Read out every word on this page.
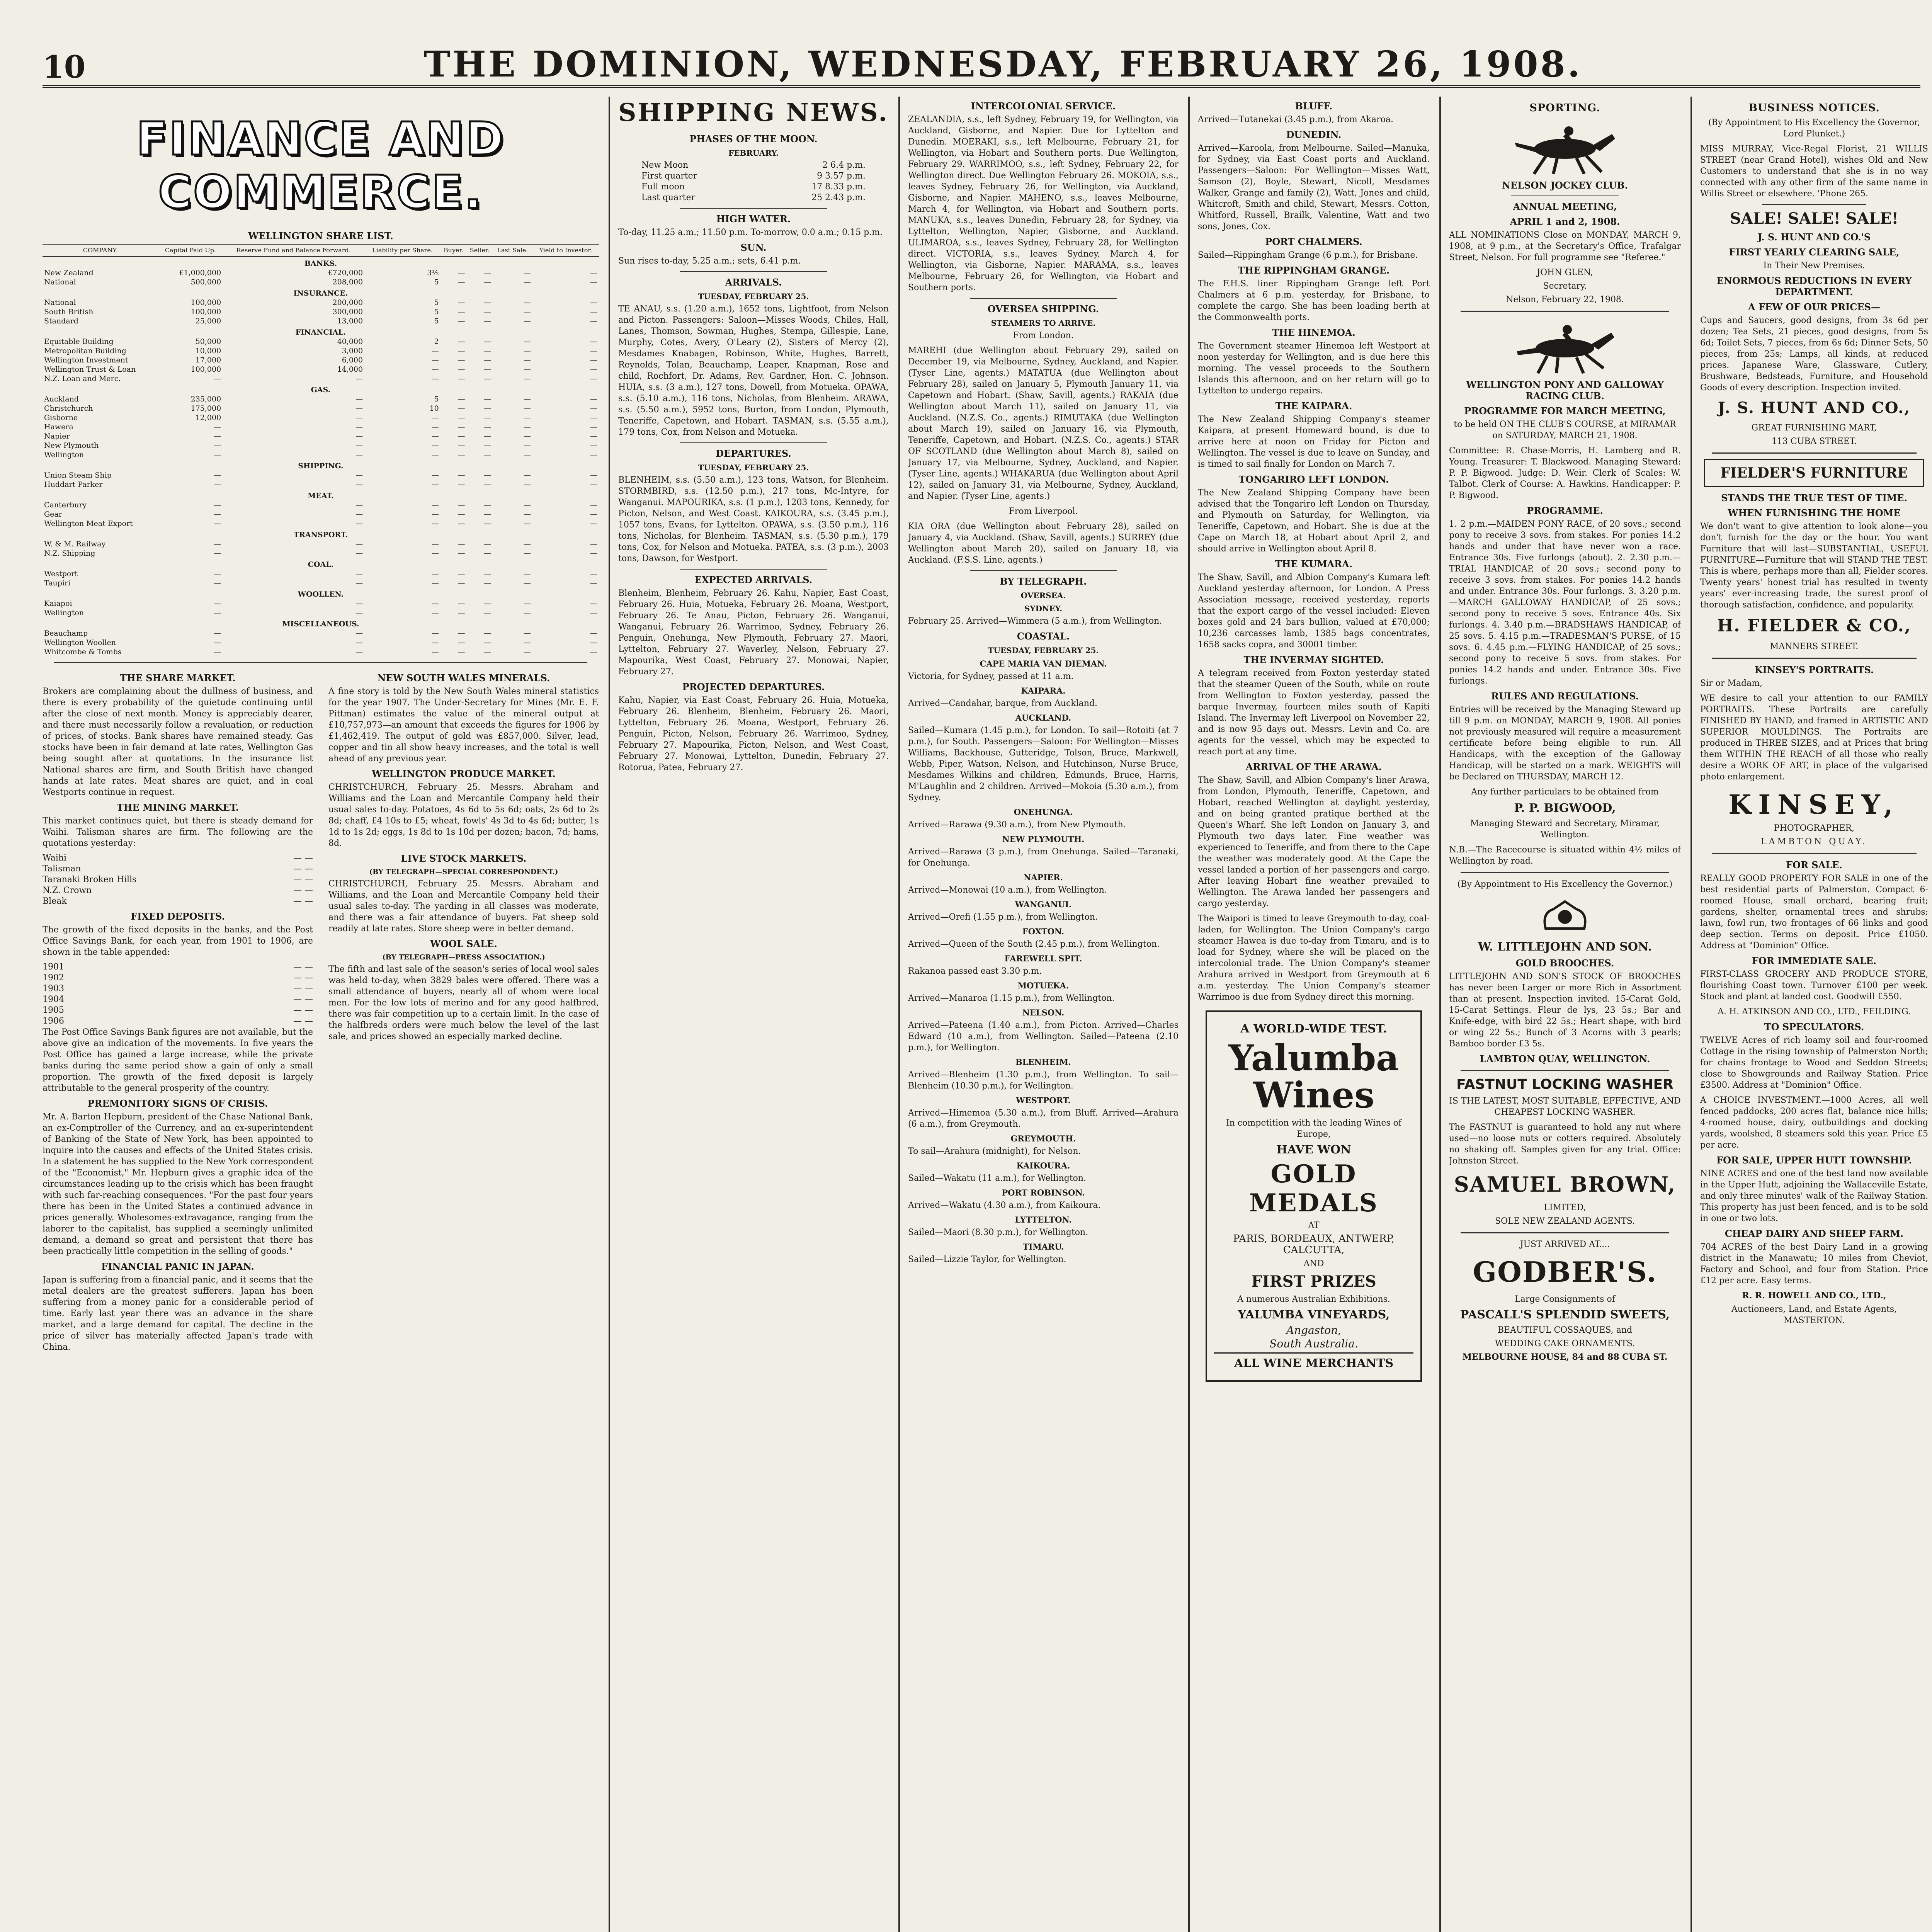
10	THE DOMINION, WEDNESDAY, FEBRUARY 26, 1908.
FINANCE AND COMMERCE.
WELLINGTON SHARE LIST.
COMPANY.	Capital Paid Up.	Reserve Fund and Balance Forward.	Liability per Share.	Buyer.	Seller.	Last Sale.	Yield to Investor.
BANKS.							
New Zealand	£1,000,000	£720,000	3½	—	—	—	—
National	500,000	208,000	5	—	—	—	—
INSURANCE.							
National	100,000	200,000	5	—	—	—	—
South British	100,000	300,000	5	—	—	—	—
Standard	25,000	13,000	5	—	—	—	—
FINANCIAL.							
Equitable Building	50,000	40,000	2	—	—	—	—
Metropolitan Building	10,000	3,000	—	—	—	—	—
Wellington Investment	17,000	6,000	—	—	—	—	—
Wellington Trust & Loan	100,000	14,000	—	—	—	—	—
N.Z. Loan and Merc.	—	—	—	—	—	—	—
GAS.							
Auckland	235,000	—	5	—	—	—	—
Christchurch	175,000	—	10	—	—	—	—
Gisborne	12,000	—	—	—	—	—	—
Hawera	—	—	—	—	—	—	—
Napier	—	—	—	—	—	—	—
New Plymouth	—	—	—	—	—	—	—
Wellington	—	—	—	—	—	—	—
SHIPPING.							
Union Steam Ship	—	—	—	—	—	—	—
Huddart Parker	—	—	—	—	—	—	—
MEAT.							
Canterbury	—	—	—	—	—	—	—
Gear	—	—	—	—	—	—	—
Wellington Meat Export	—	—	—	—	—	—	—
TRANSPORT.							
W. & M. Railway	—	—	—	—	—	—	—
N.Z. Shipping	—	—	—	—	—	—	—
COAL.							
Westport	—	—	—	—	—	—	—
Taupiri	—	—	—	—	—	—	—
WOOLLEN.							
Kaiapoi	—	—	—	—	—	—	—
Wellington	—	—	—	—	—	—	—
MISCELLANEOUS.							
Beauchamp	—	—	—	—	—	—	—
Wellington Woollen	—	—	—	—	—	—	—
Whitcombe & Tombs	—	—	—	—	—	—	—
THE SHARE MARKET.

Brokers are complaining about the dullness of business, and there is every probability of the quietude continuing until after the close of next month. Money is appreciably dearer, and there must necessarily follow a revaluation, or reduction of prices, of stocks. Bank shares have remained steady. Gas stocks have been in fair demand at late rates, Wellington Gas being sought after at quotations. In the insurance list National shares are firm, and South British have changed hands at late rates. Meat shares are quiet, and in coal Westports continue in request.

THE MINING MARKET.

This market continues quiet, but there is steady demand for Waihi. Talisman shares are firm. The following are the quotations yesterday:

Waihi	— —
Talisman	— —
Taranaki Broken Hills	— —
N.Z. Crown	— —
Bleak	— —
FIXED DEPOSITS.

The growth of the fixed deposits in the banks, and the Post Office Savings Bank, for each year, from 1901 to 1906, are shown in the table appended:

1901	— —
1902	— —
1903	— —
1904	— —
1905	— —
1906	— —

The Post Office Savings Bank figures are not available, but the above give an indication of the movements. In five years the Post Office has gained a large increase, while the private banks during the same period show a gain of only a small proportion. The growth of the fixed deposit is largely attributable to the general prosperity of the country.

PREMONITORY SIGNS OF CRISIS.

Mr. A. Barton Hepburn, president of the Chase National Bank, an ex-Comptroller of the Currency, and an ex-superintendent of Banking of the State of New York, has been appointed to inquire into the causes and effects of the United States crisis. In a statement he has supplied to the New York correspondent of the "Economist," Mr. Hepburn gives a graphic idea of the circumstances leading up to the crisis which has been fraught with such far-reaching consequences. "For the past four years there has been in the United States a continued advance in prices generally. Wholesomes-extravagance, ranging from the laborer to the capitalist, has supplied a seemingly unlimited demand, a demand so great and persistent that there has been practically little competition in the selling of goods."

FINANCIAL PANIC IN JAPAN.

Japan is suffering from a financial panic, and it seems that the metal dealers are the greatest sufferers. Japan has been suffering from a money panic for a considerable period of time. Early last year there was an advance in the share market, and a large demand for capital. The decline in the price of silver has materially affected Japan's trade with China.

NEW SOUTH WALES MINERALS.

A fine story is told by the New South Wales mineral statistics for the year 1907. The Under-Secretary for Mines (Mr. E. F. Pittman) estimates the value of the mineral output at £10,757,973—an amount that exceeds the figures for 1906 by £1,462,419. The output of gold was £857,000. Silver, lead, copper and tin all show heavy increases, and the total is well ahead of any previous year.

WELLINGTON PRODUCE MARKET.

CHRISTCHURCH, February 25. Messrs. Abraham and Williams and the Loan and Mercantile Company held their usual sales to-day. Potatoes, 4s 6d to 5s 6d; oats, 2s 6d to 2s 8d; chaff, £4 10s to £5; wheat, fowls' 4s 3d to 4s 6d; butter, 1s 1d to 1s 2d; eggs, 1s 8d to 1s 10d per dozen; bacon, 7d; hams, 8d.

LIVE STOCK MARKETS.
(BY TELEGRAPH—SPECIAL CORRESPONDENT.)

CHRISTCHURCH, February 25. Messrs. Abraham and Williams, and the Loan and Mercantile Company held their usual sales to-day. The yarding in all classes was moderate, and there was a fair attendance of buyers. Fat sheep sold readily at late rates. Store sheep were in better demand.

WOOL SALE.
(BY TELEGRAPH—PRESS ASSOCIATION.)

The fifth and last sale of the season's series of local wool sales was held to-day, when 3829 bales were offered. There was a small attendance of buyers, nearly all of whom were local men. For the low lots of merino and for any good halfbred, there was fair competition up to a certain limit. In the case of the halfbreds orders were much below the level of the last sale, and prices showed an especially marked decline.

SHIPPING NEWS.
PHASES OF THE MOON.
FEBRUARY.
New Moon	2 6.4 p.m.
First quarter	9 3.57 p.m.
Full moon	17 8.33 p.m.
Last quarter	25 2.43 p.m.
HIGH WATER.

To-day, 11.25 a.m.; 11.50 p.m. To-morrow, 0.0 a.m.; 0.15 p.m.

SUN.

Sun rises to-day, 5.25 a.m.; sets, 6.41 p.m.

ARRIVALS.
TUESDAY, FEBRUARY 25.

TE ANAU, s.s. (1.20 a.m.), 1652 tons, Lightfoot, from Nelson and Picton. Passengers: Saloon—Misses Woods, Chiles, Hall, Lanes, Thomson, Sowman, Hughes, Stempa, Gillespie, Lane, Murphy, Cotes, Avery, O'Leary (2), Sisters of Mercy (2), Mesdames Knabagen, Robinson, White, Hughes, Barrett, Reynolds, Tolan, Beauchamp, Leaper, Knapman, Rose and child, Rochfort, Dr. Adams, Rev. Gardner, Hon. C. Johnson. HUIA, s.s. (3 a.m.), 127 tons, Dowell, from Motueka. OPAWA, s.s. (5.10 a.m.), 116 tons, Nicholas, from Blenheim. ARAWA, s.s. (5.50 a.m.), 5952 tons, Burton, from London, Plymouth, Teneriffe, Capetown, and Hobart. TASMAN, s.s. (5.55 a.m.), 179 tons, Cox, from Nelson and Motueka.

DEPARTURES.
TUESDAY, FEBRUARY 25.

BLENHEIM, s.s. (5.50 a.m.), 123 tons, Watson, for Blenheim. STORMBIRD, s.s. (12.50 p.m.), 217 tons, Mc-Intyre, for Wanganui. MAPOURIKA, s.s. (1 p.m.), 1203 tons, Kennedy, for Picton, Nelson, and West Coast. KAIKOURA, s.s. (3.45 p.m.), 1057 tons, Evans, for Lyttelton. OPAWA, s.s. (3.50 p.m.), 116 tons, Nicholas, for Blenheim. TASMAN, s.s. (5.30 p.m.), 179 tons, Cox, for Nelson and Motueka. PATEA, s.s. (3 p.m.), 2003 tons, Dawson, for Westport.

EXPECTED ARRIVALS.

Blenheim, Blenheim, February 26. Kahu, Napier, East Coast, February 26. Huia, Motueka, February 26. Moana, Westport, February 26. Te Anau, Picton, February 26. Wanganui, Wanganui, February 26. Warrimoo, Sydney, February 26. Penguin, Onehunga, New Plymouth, February 27. Maori, Lyttelton, February 27. Waverley, Nelson, February 27. Mapourika, West Coast, February 27. Monowai, Napier, February 27.

PROJECTED DEPARTURES.

Kahu, Napier, via East Coast, February 26. Huia, Motueka, February 26. Blenheim, Blenheim, February 26. Maori, Lyttelton, February 26. Moana, Westport, February 26. Penguin, Picton, Nelson, February 26. Warrimoo, Sydney, February 27. Mapourika, Picton, Nelson, and West Coast, February 27. Monowai, Lyttelton, Dunedin, February 27. Rotorua, Patea, February 27.

INTERCOLONIAL SERVICE.

ZEALANDIA, s.s., left Sydney, February 19, for Wellington, via Auckland, Gisborne, and Napier. Due for Lyttelton and Dunedin. MOERAKI, s.s., left Melbourne, February 21, for Wellington, via Hobart and Southern ports. Due Wellington, February 29. WARRIMOO, s.s., left Sydney, February 22, for Wellington direct. Due Wellington February 26. MOKOIA, s.s., leaves Sydney, February 26, for Wellington, via Auckland, Gisborne, and Napier. MAHENO, s.s., leaves Melbourne, March 4, for Wellington, via Hobart and Southern ports. MANUKA, s.s., leaves Dunedin, February 28, for Sydney, via Lyttelton, Wellington, Napier, Gisborne, and Auckland. ULIMAROA, s.s., leaves Sydney, February 28, for Wellington direct. VICTORIA, s.s., leaves Sydney, March 4, for Wellington, via Gisborne, Napier. MARAMA, s.s., leaves Melbourne, February 26, for Wellington, via Hobart and Southern ports.

OVERSEA SHIPPING.
STEAMERS TO ARRIVE.

From London.

MAREHI (due Wellington about February 29), sailed on December 19, via Melbourne, Sydney, Auckland, and Napier. (Tyser Line, agents.) MATATUA (due Wellington about February 28), sailed on January 5, Plymouth January 11, via Capetown and Hobart. (Shaw, Savill, agents.) RAKAIA (due Wellington about March 11), sailed on January 11, via Auckland. (N.Z.S. Co., agents.) RIMUTAKA (due Wellington about March 19), sailed on January 16, via Plymouth, Teneriffe, Capetown, and Hobart. (N.Z.S. Co., agents.) STAR OF SCOTLAND (due Wellington about March 8), sailed on January 17, via Melbourne, Sydney, Auckland, and Napier. (Tyser Line, agents.) WHAKARUA (due Wellington about April 12), sailed on January 31, via Melbourne, Sydney, Auckland, and Napier. (Tyser Line, agents.)

From Liverpool.

KIA ORA (due Wellington about February 28), sailed on January 4, via Auckland. (Shaw, Savill, agents.) SURREY (due Wellington about March 20), sailed on January 18, via Auckland. (F.S.S. Line, agents.)

BY TELEGRAPH.
OVERSEA.
SYDNEY.

February 25. Arrived—Wimmera (5 a.m.), from Wellington.

COASTAL.
TUESDAY, FEBRUARY 25.
CAPE MARIA VAN DIEMAN.

Victoria, for Sydney, passed at 11 a.m.

KAIPARA.

Arrived—Candahar, barque, from Auckland.

AUCKLAND.

Sailed—Kumara (1.45 p.m.), for London. To sail—Rotoiti (at 7 p.m.), for South. Passengers—Saloon: For Wellington—Misses Williams, Backhouse, Gutteridge, Tolson, Bruce, Markwell, Webb, Piper, Watson, Nelson, and Hutchinson, Nurse Bruce, Mesdames Wilkins and children, Edmunds, Bruce, Harris, M'Laughlin and 2 children. Arrived—Mokoia (5.30 a.m.), from Sydney.

ONEHUNGA.

Arrived—Rarawa (9.30 a.m.), from New Plymouth.

NEW PLYMOUTH.

Arrived—Rarawa (3 p.m.), from Onehunga. Sailed—Taranaki, for Onehunga.

NAPIER.

Arrived—Monowai (10 a.m.), from Wellington.

WANGANUI.

Arrived—Orefi (1.55 p.m.), from Wellington.

FOXTON.

Arrived—Queen of the South (2.45 p.m.), from Wellington.

FAREWELL SPIT.

Rakanoa passed east 3.30 p.m.

MOTUEKA.

Arrived—Manaroa (1.15 p.m.), from Wellington.

NELSON.

Arrived—Pateena (1.40 a.m.), from Picton. Arrived—Charles Edward (10 a.m.), from Wellington. Sailed—Pateena (2.10 p.m.), for Wellington.

BLENHEIM.

Arrived—Blenheim (1.30 p.m.), from Wellington. To sail—Blenheim (10.30 p.m.), for Wellington.

WESTPORT.

Arrived—Himemoa (5.30 a.m.), from Bluff. Arrived—Arahura (6 a.m.), from Greymouth.

GREYMOUTH.

To sail—Arahura (midnight), for Nelson.

KAIKOURA.

Sailed—Wakatu (11 a.m.), for Wellington.

PORT ROBINSON.

Arrived—Wakatu (4.30 a.m.), from Kaikoura.

LYTTELTON.

Sailed—Maori (8.30 p.m.), for Wellington.

TIMARU.

Sailed—Lizzie Taylor, for Wellington.

BLUFF.

Arrived—Tutanekai (3.45 p.m.), from Akaroa.

DUNEDIN.

Arrived—Karoola, from Melbourne. Sailed—Manuka, for Sydney, via East Coast ports and Auckland. Passengers—Saloon: For Wellington—Misses Watt, Samson (2), Boyle, Stewart, Nicoll, Mesdames Walker, Grange and family (2), Watt, Jones and child, Whitcroft, Smith and child, Stewart, Messrs. Cotton, Whitford, Russell, Brailk, Valentine, Watt and two sons, Jones, Cox.

PORT CHALMERS.

Sailed—Rippingham Grange (6 p.m.), for Brisbane.

THE RIPPINGHAM GRANGE.

The F.H.S. liner Rippingham Grange left Port Chalmers at 6 p.m. yesterday, for Brisbane, to complete the cargo. She has been loading berth at the Commonwealth ports.

THE HINEMOA.

The Government steamer Hinemoa left Westport at noon yesterday for Wellington, and is due here this morning. The vessel proceeds to the Southern Islands this afternoon, and on her return will go to Lyttelton to undergo repairs.

THE KAIPARA.

The New Zealand Shipping Company's steamer Kaipara, at present Homeward bound, is due to arrive here at noon on Friday for Picton and Wellington. The vessel is due to leave on Sunday, and is timed to sail finally for London on March 7.

TONGARIRO LEFT LONDON.

The New Zealand Shipping Company have been advised that the Tongariro left London on Thursday, and Plymouth on Saturday, for Wellington, via Teneriffe, Capetown, and Hobart. She is due at the Cape on March 18, at Hobart about April 2, and should arrive in Wellington about April 8.

THE KUMARA.

The Shaw, Savill, and Albion Company's Kumara left Auckland yesterday afternoon, for London. A Press Association message, received yesterday, reports that the export cargo of the vessel included: Eleven boxes gold and 24 bars bullion, valued at £70,000; 10,236 carcasses lamb, 1385 bags concentrates, 1658 sacks copra, and 30001 timber.

THE INVERMAY SIGHTED.

A telegram received from Foxton yesterday stated that the steamer Queen of the South, while on route from Wellington to Foxton yesterday, passed the barque Invermay, fourteen miles south of Kapiti Island. The Invermay left Liverpool on November 22, and is now 95 days out. Messrs. Levin and Co. are agents for the vessel, which may be expected to reach port at any time.

ARRIVAL OF THE ARAWA.

The Shaw, Savill, and Albion Company's liner Arawa, from London, Plymouth, Teneriffe, Capetown, and Hobart, reached Wellington at daylight yesterday, and on being granted pratique berthed at the Queen's Wharf. She left London on January 3, and Plymouth two days later. Fine weather was experienced to Teneriffe, and from there to the Cape the weather was moderately good. At the Cape the vessel landed a portion of her passengers and cargo. After leaving Hobart fine weather prevailed to Wellington. The Arawa landed her passengers and cargo yesterday.

The Waipori is timed to leave Greymouth to-day, coal-laden, for Wellington. The Union Company's cargo steamer Hawea is due to-day from Timaru, and is to load for Sydney, where she will be placed on the intercolonial trade. The Union Company's steamer Arahura arrived in Westport from Greymouth at 6 a.m. yesterday. The Union Company's steamer Warrimoo is due from Sydney direct this morning.

A WORLD-WIDE TEST.
Yalumba Wines
In competition with the leading Wines of Europe,
HAVE WON
GOLD MEDALS
AT
PARIS, BORDEAUX, ANTWERP, CALCUTTA,
AND
FIRST PRIZES
A numerous Australian Exhibitions.
YALUMBA VINEYARDS,
Angaston,
South Australia.
ALL WINE MERCHANTS
SPORTING.
NELSON JOCKEY CLUB.
ANNUAL MEETING,
APRIL 1 and 2, 1908.

ALL NOMINATIONS Close on MONDAY, MARCH 9, 1908, at 9 p.m., at the Secretary's Office, Trafalgar Street, Nelson. For full programme see "Referee."

JOHN GLEN,
Secretary.
Nelson, February 22, 1908.
WELLINGTON PONY AND GALLOWAY RACING CLUB.
PROGRAMME FOR MARCH MEETING,

to be held ON THE CLUB'S COURSE, at MIRAMAR on SATURDAY, MARCH 21, 1908.

Committee: R. Chase-Morris, H. Lamberg and R. Young. Treasurer: T. Blackwood. Managing Steward: P. P. Bigwood. Judge: D. Weir. Clerk of Scales: W. Talbot. Clerk of Course: A. Hawkins. Handicapper: P. P. Bigwood.

PROGRAMME.

1. 2 p.m.—MAIDEN PONY RACE, of 20 sovs.; second pony to receive 3 sovs. from stakes. For ponies 14.2 hands and under that have never won a race. Entrance 30s. Five furlongs (about). 2. 2.30 p.m.—TRIAL HANDICAP, of 20 sovs.; second pony to receive 3 sovs. from stakes. For ponies 14.2 hands and under. Entrance 30s. Four furlongs. 3. 3.20 p.m.—MARCH GALLOWAY HANDICAP, of 25 sovs.; second pony to receive 5 sovs. Entrance 40s. Six furlongs. 4. 3.40 p.m.—BRADSHAWS HANDICAP, of 25 sovs. 5. 4.15 p.m.—TRADESMAN'S PURSE, of 15 sovs. 6. 4.45 p.m.—FLYING HANDICAP, of 25 sovs.; second pony to receive 5 sovs. from stakes. For ponies 14.2 hands and under. Entrance 30s. Five furlongs.

RULES AND REGULATIONS.

Entries will be received by the Managing Steward up till 9 p.m. on MONDAY, MARCH 9, 1908. All ponies not previously measured will require a measurement certificate before being eligible to run. All Handicaps, with the exception of the Galloway Handicap, will be started on a mark. WEIGHTS will be Declared on THURSDAY, MARCH 12.

Any further particulars to be obtained from

P. P. BIGWOOD,

Managing Steward and Secretary, Miramar, Wellington.

N.B.—The Racecourse is situated within 4½ miles of Wellington by road.

(By Appointment to His Excellency the Governor.)

W. LITTLEJOHN AND SON.
GOLD BROOCHES.

LITTLEJOHN AND SON'S STOCK OF BROOCHES has never been Larger or more Rich in Assortment than at present. Inspection invited. 15-Carat Gold, 15-Carat Settings. Fleur de lys, 23 5s.; Bar and Knife-edge, with bird 22 5s.; Heart shape, with bird or wing 22 5s.; Bunch of 3 Acorns with 3 pearls; Bamboo border £3 5s.

LAMBTON QUAY, WELLINGTON.
FASTNUT LOCKING WASHER

IS THE LATEST, MOST SUITABLE, EFFECTIVE, AND CHEAPEST LOCKING WASHER.

The FASTNUT is guaranteed to hold any nut where used—no loose nuts or cotters required. Absolutely no shaking off. Samples given for any trial. Office: Johnston Street.

SAMUEL BROWN,
LIMITED,
SOLE NEW ZEALAND AGENTS.
JUST ARRIVED AT....
GODBER'S.
Large Consignments of
PASCALL'S SPLENDID SWEETS,
BEAUTIFUL COSSAQUES, and
WEDDING CAKE ORNAMENTS.
MELBOURNE HOUSE, 84 and 88 CUBA ST.
BUSINESS NOTICES.

(By Appointment to His Excellency the Governor, Lord Plunket.)

MISS MURRAY, Vice-Regal Florist, 21 WILLIS STREET (near Grand Hotel), wishes Old and New Customers to understand that she is in no way connected with any other firm of the same name in Willis Street or elsewhere. 'Phone 265.

SALE! SALE! SALE!
J. S. HUNT AND CO.'S
FIRST YEARLY CLEARING SALE,
In Their New Premises.
ENORMOUS REDUCTIONS IN EVERY DEPARTMENT.
A FEW OF OUR PRICES—

Cups and Saucers, good designs, from 3s 6d per dozen; Tea Sets, 21 pieces, good designs, from 5s 6d; Toilet Sets, 7 pieces, from 6s 6d; Dinner Sets, 50 pieces, from 25s; Lamps, all kinds, at reduced prices. Japanese Ware, Glassware, Cutlery, Brushware, Bedsteads, Furniture, and Household Goods of every description. Inspection invited.

J. S. HUNT AND CO.,
GREAT FURNISHING MART,
113 CUBA STREET.
FIELDER'S FURNITURE
STANDS THE TRUE TEST OF TIME.
WHEN FURNISHING THE HOME

We don't want to give attention to look alone—you don't furnish for the day or the hour. You want Furniture that will last—SUBSTANTIAL, USEFUL FURNITURE—Furniture that will STAND THE TEST. This is where, perhaps more than all, Fielder scores. Twenty years' honest trial has resulted in twenty years' ever-increasing trade, the surest proof of thorough satisfaction, confidence, and popularity.

H. FIELDER & CO.,
MANNERS STREET.
KINSEY'S PORTRAITS.

Sir or Madam,

WE desire to call your attention to our FAMILY PORTRAITS. These Portraits are carefully FINISHED BY HAND, and framed in ARTISTIC AND SUPERIOR MOULDINGS. The Portraits are produced in THREE SIZES, and at Prices that bring them WITHIN THE REACH of all those who really desire a WORK OF ART, in place of the vulgarised photo enlargement.

KINSEY,
PHOTOGRAPHER,
LAMBTON QUAY.
FOR SALE.

REALLY GOOD PROPERTY FOR SALE in one of the best residential parts of Palmerston. Compact 6-roomed House, small orchard, bearing fruit; gardens, shelter, ornamental trees and shrubs; lawn, fowl run, two frontages of 66 links and good deep section. Terms on deposit. Price £1050. Address at "Dominion" Office.

FOR IMMEDIATE SALE.

FIRST-CLASS GROCERY AND PRODUCE STORE, flourishing Coast town. Turnover £100 per week. Stock and plant at landed cost. Goodwill £550.

A. H. ATKINSON AND CO., LTD., FEILDING.

TO SPECULATORS.

TWELVE Acres of rich loamy soil and four-roomed Cottage in the rising township of Palmerston North; for chains frontage to Wood and Seddon Streets; close to Showgrounds and Railway Station. Price £3500. Address at "Dominion" Office.

A CHOICE INVESTMENT.—1000 Acres, all well fenced paddocks, 200 acres flat, balance nice hills; 4-roomed house, dairy, outbuildings and docking yards, woolshed, 8 steamers sold this year. Price £5 per acre.

FOR SALE, UPPER HUTT TOWNSHIP.

NINE ACRES and one of the best land now available in the Upper Hutt, adjoining the Wallaceville Estate, and only three minutes' walk of the Railway Station. This property has just been fenced, and is to be sold in one or two lots.

CHEAP DAIRY AND SHEEP FARM.

704 ACRES of the best Dairy Land in a growing district in the Manawatu; 10 miles from Cheviot, Factory and School, and four from Station. Price £12 per acre. Easy terms.

R. R. HOWELL AND CO., LTD.,
Auctioneers, Land, and Estate Agents, MASTERTON.
